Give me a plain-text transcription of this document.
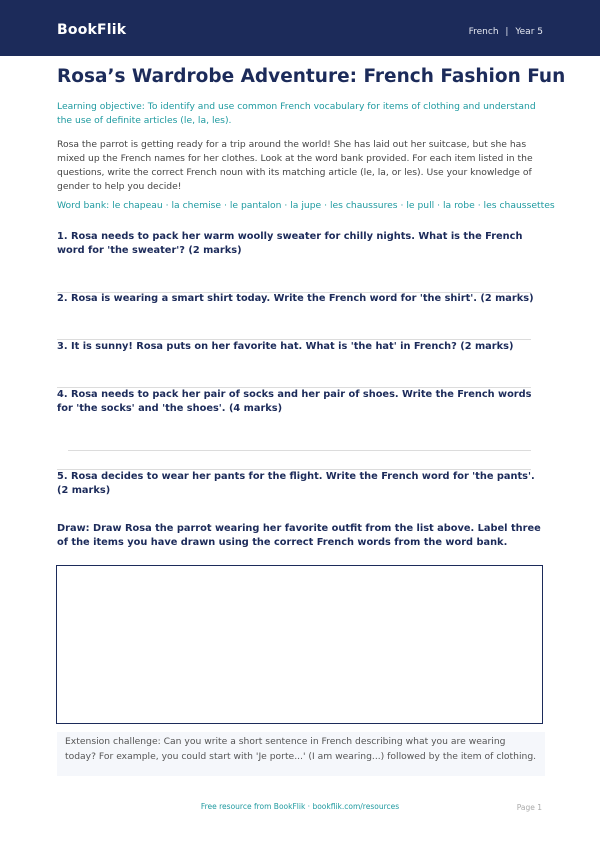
BookFlik	French | Year 5
Rosa’s Wardrobe Adventure: French Fashion Fun
Learning objective: To identify and use common French vocabulary for items of clothing and understand the use of definite articles (le, la, les).
Rosa the parrot is getting ready for a trip around the world! She has laid out her suitcase, but she has mixed up the French names for her clothes. Look at the word bank provided. For each item listed in the questions, write the correct French noun with its matching article (le, la, or les). Use your knowledge of gender to help you decide!
Word bank: le chapeau · la chemise · le pantalon · la jupe · les chaussures · le pull · la robe · les chaussettes
1. Rosa needs to pack her warm woolly sweater for chilly nights. What is the French word for 'the sweater'? (2 marks)
2. Rosa is wearing a smart shirt today. Write the French word for 'the shirt'. (2 marks)
3. It is sunny! Rosa puts on her favorite hat. What is 'the hat' in French? (2 marks)
4. Rosa needs to pack her pair of socks and her pair of shoes. Write the French words for 'the socks' and 'the shoes'. (4 marks)
5. Rosa decides to wear her pants for the flight. Write the French word for 'the pants'. (2 marks)
Draw: Draw Rosa the parrot wearing her favorite outfit from the list above. Label three of the items you have drawn using the correct French words from the word bank.
Extension challenge: Can you write a short sentence in French describing what you are wearing today? For example, you could start with 'Je porte...' (I am wearing...) followed by the item of clothing.
Free resource from BookFlik · bookflik.com/resources	Page 1
